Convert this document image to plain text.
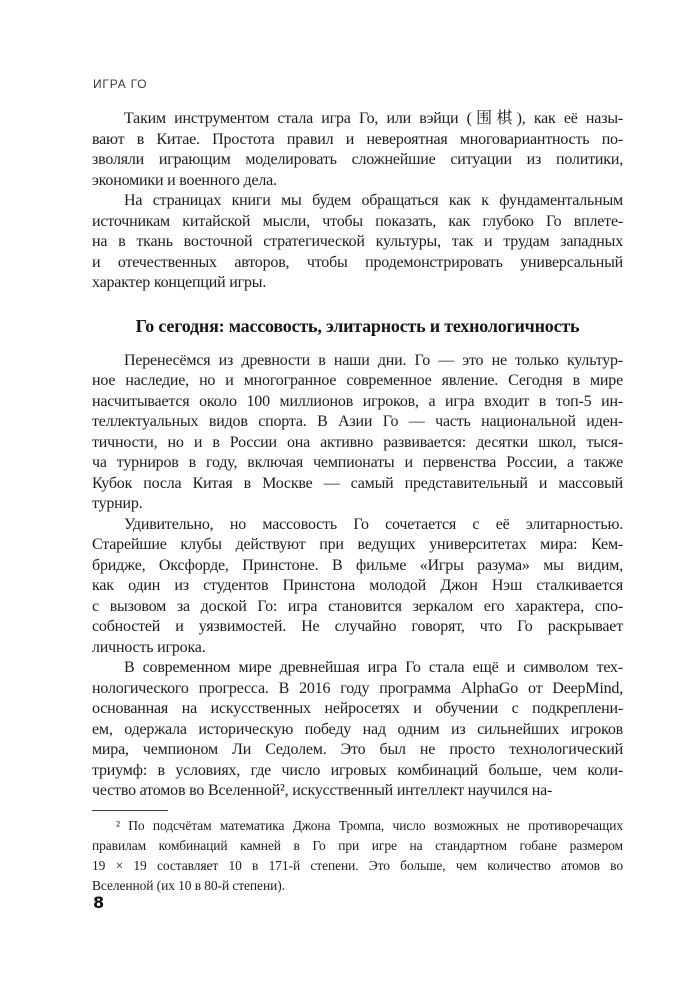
ИГРА ГО
Таким инструментом стала игра Го, или вэйци (围棋), как её назы-
вают в Китае. Простота правил и невероятная многовариантность по-
зволяли играющим моделировать сложнейшие ситуации из политики,
экономики и военного дела.
На страницах книги мы будем обращаться как к фундаментальным
источникам китайской мысли, чтобы показать, как глубоко Го вплете-
на в ткань восточной стратегической культуры, так и трудам западных
и отечественных авторов, чтобы продемонстрировать универсальный
характер концепций игры.
Го сегодня: массовость, элитарность и технологичность
Перенесёмся из древности в наши дни. Го — это не только культур-
ное наследие, но и многогранное современное явление. Сегодня в мире
насчитывается около 100 миллионов игроков, а игра входит в топ-5 ин-
теллектуальных видов спорта. В Азии Го — часть национальной иден-
тичности, но и в России она активно развивается: десятки школ, тыся-
ча турниров в году, включая чемпионаты и первенства России, а также
Кубок посла Китая в Москве — самый представительный и массовый
турнир.
Удивительно, но массовость Го сочетается с её элитарностью.
Старейшие клубы действуют при ведущих университетах мира: Кем-
бридже, Оксфорде, Принстоне. В фильме «Игры разума» мы видим,
как один из студентов Принстона молодой Джон Нэш сталкивается
с вызовом за доской Го: игра становится зеркалом его характера, спо-
собностей и уязвимостей. Не случайно говорят, что Го раскрывает
личность игрока.
В современном мире древнейшая игра Го стала ещё и символом тех-
нологического прогресса. В 2016 году программа AlphaGo от DeepMind,
основанная на искусственных нейросетях и обучении с подкреплени-
ем, одержала историческую победу над одним из сильнейших игроков
мира, чемпионом Ли Седолем. Это был не просто технологический
триумф: в условиях, где число игровых комбинаций больше, чем коли-
чество атомов во Вселенной², искусственный интеллект научился на-
² По подсчётам математика Джона Тромпа, число возможных не противоречащих
правилам комбинаций камней в Го при игре на стандартном гобане размером
19 × 19 составляет 10 в 171-й степени. Это больше, чем количество атомов во
Вселенной (их 10 в 80-й степени).
8
